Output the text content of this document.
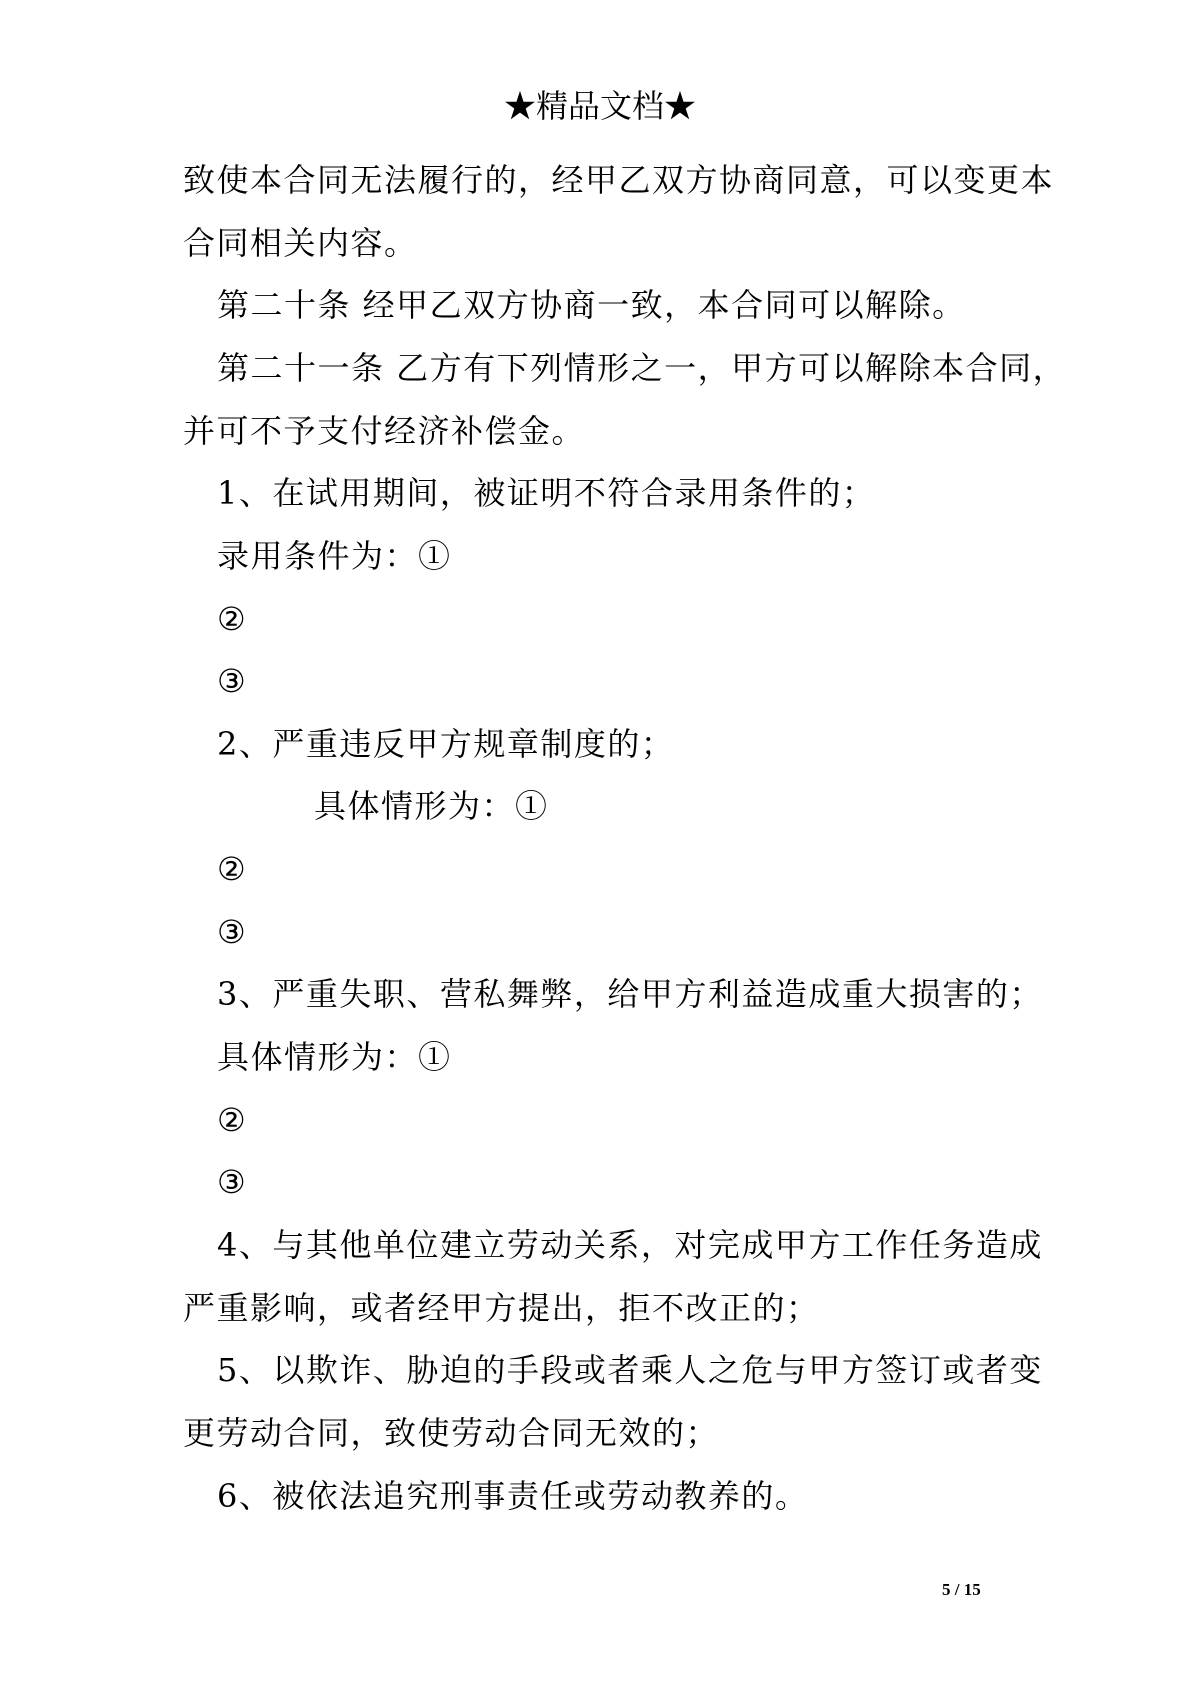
★精品文档★
致使本合同无法履行的，经甲乙双方协商同意，可以变更本
合同相关内容。
第二十条 经甲乙双方协商一致，本合同可以解除。
第二十一条 乙方有下列情形之一，甲方可以解除本合同，
并可不予支付经济补偿金。
1、在试用期间，被证明不符合录用条件的；
录用条件为：①
②
③
2、严重违反甲方规章制度的；
具体情形为：①
②
③
3、严重失职、营私舞弊，给甲方利益造成重大损害的；
具体情形为：①
②
③
4、与其他单位建立劳动关系，对完成甲方工作任务造成
严重影响，或者经甲方提出，拒不改正的；
5、以欺诈、胁迫的手段或者乘人之危与甲方签订或者变
更劳动合同，致使劳动合同无效的；
6、被依法追究刑事责任或劳动教养的。
5 / 15
